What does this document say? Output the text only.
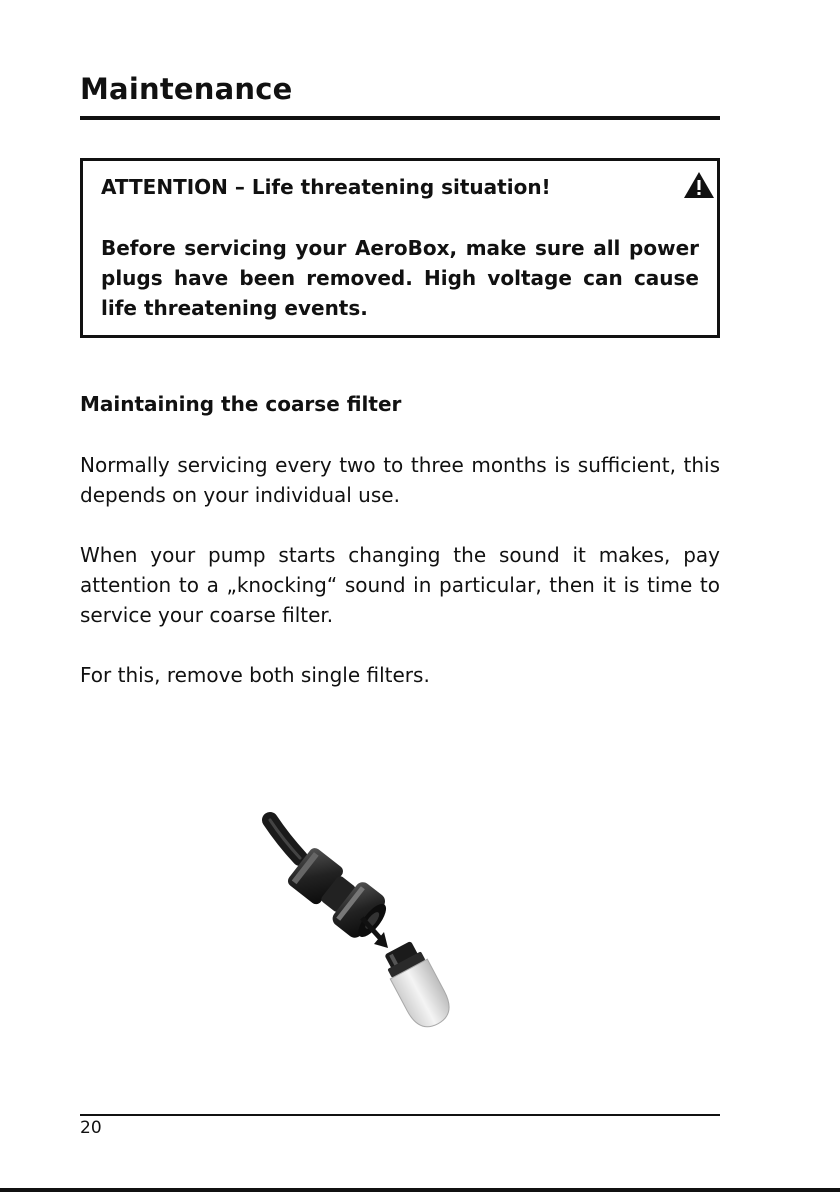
Maintenance
ATTENTION – Life threatening situation!
Before servicing your AeroBox, make sure all power plugs have been removed. High voltage can cause life threatening events.
Maintaining the coarse filter
Normally servicing every two to three months is sufficient, this depends on your individual use.
When your pump starts changing the sound it makes, pay attention to a „knocking“ sound in particular, then it is time to service your coarse filter.
For this, remove both single filters.
20
